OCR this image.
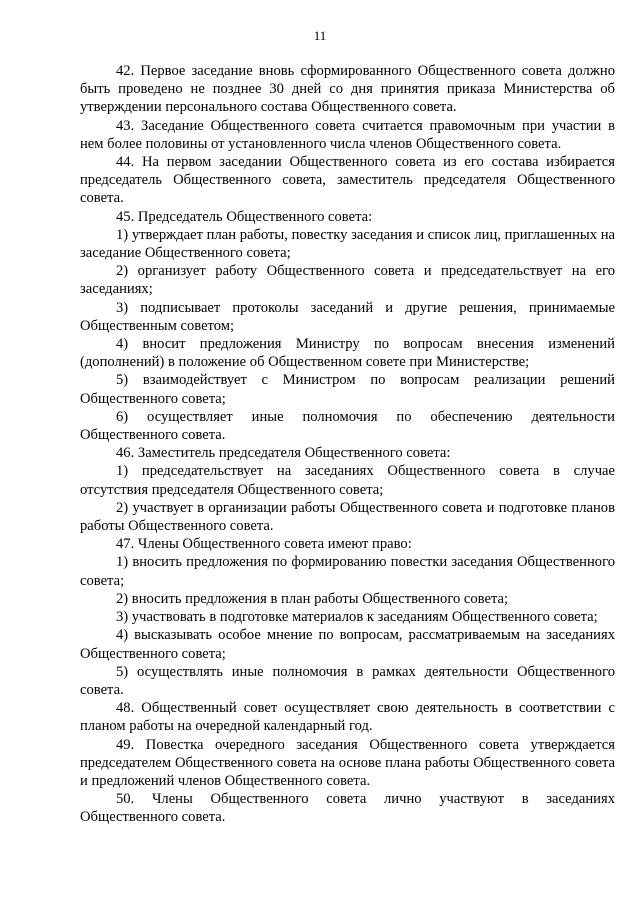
11

42. Первое заседание вновь сформированного Общественного совета должно быть проведено не позднее 30 дней со дня принятия приказа Министерства об утверждении персонального состава Общественного совета.

43. Заседание Общественного совета считается правомочным при участии в нем более половины от установленного числа членов Общественного совета.

44. На первом заседании Общественного совета из его состава избирается председатель Общественного совета, заместитель председателя Общественного совета.

45. Председатель Общественного совета:

1) утверждает план работы, повестку заседания и список лиц, приглашенных на заседание Общественного совета;

2) организует работу Общественного совета и председательствует на его заседаниях;

3) подписывает протоколы заседаний и другие решения, принимаемые Общественным советом;

4) вносит предложения Министру по вопросам внесения изменений (дополнений) в положение об Общественном совете при Министерстве;

5) взаимодействует с Министром по вопросам реализации решений Общественного совета;

6) осуществляет иные полномочия по обеспечению деятельности Общественного совета.

46. Заместитель председателя Общественного совета:

1) председательствует на заседаниях Общественного совета в случае отсутствия председателя Общественного совета;

2) участвует в организации работы Общественного совета и подготовке планов работы Общественного совета.

47. Члены Общественного совета имеют право:

1) вносить предложения по формированию повестки заседания Общественного совета;

2) вносить предложения в план работы Общественного совета;

3) участвовать в подготовке материалов к заседаниям Общественного совета;

4) высказывать особое мнение по вопросам, рассматриваемым на заседаниях Общественного совета;

5) осуществлять иные полномочия в рамках деятельности Общественного совета.

48. Общественный совет осуществляет свою деятельность в соответствии с планом работы на очередной календарный год.

49. Повестка очередного заседания Общественного совета утверждается председателем Общественного совета на основе плана работы Общественного совета и предложений членов Общественного совета.

50. Члены Общественного совета лично участвуют в заседаниях Общественного совета.
